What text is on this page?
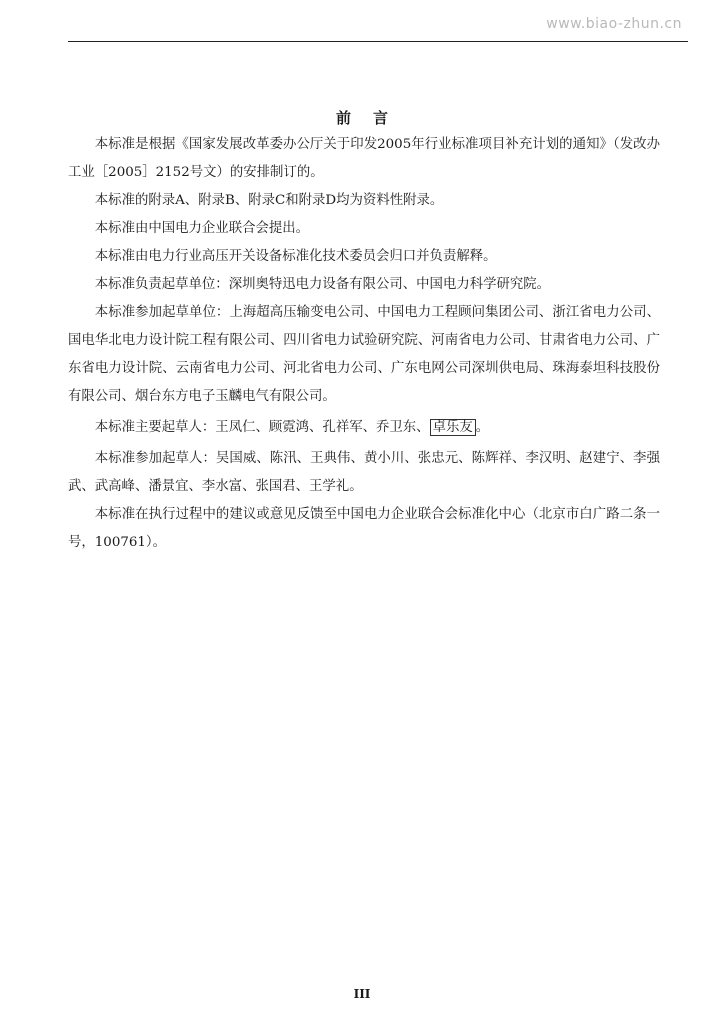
www.biao-zhun.cn
前 言

本标准是根据《国家发展改革委办公厅关于印发2005年行业标准项目补充计划的通知》（发改办工业［2005］2152号文）的安排制订的。

本标准的附录A、附录B、附录C和附录D均为资料性附录。

本标准由中国电力企业联合会提出。

本标准由电力行业高压开关设备标准化技术委员会归口并负责解释。

本标准负责起草单位：深圳奥特迅电力设备有限公司、中国电力科学研究院。

本标准参加起草单位：上海超高压输变电公司、中国电力工程顾问集团公司、浙江省电力公司、国电华北电力设计院工程有限公司、四川省电力试验研究院、河南省电力公司、甘肃省电力公司、广东省电力设计院、云南省电力公司、河北省电力公司、广东电网公司深圳供电局、珠海泰坦科技股份有限公司、烟台东方电子玉麟电气有限公司。

本标准主要起草人：王凤仁、顾霓鸿、孔祥军、乔卫东、 卓乐友 。

本标准参加起草人：吴国威、陈汛、王典伟、黄小川、张忠元、陈辉祥、李汉明、赵建宁、李强武、武高峰、潘景宜、李水富、张国君、王学礼。

本标准在执行过程中的建议或意见反馈至中国电力企业联合会标准化中心（北京市白广路二条一号，100761）。

III
